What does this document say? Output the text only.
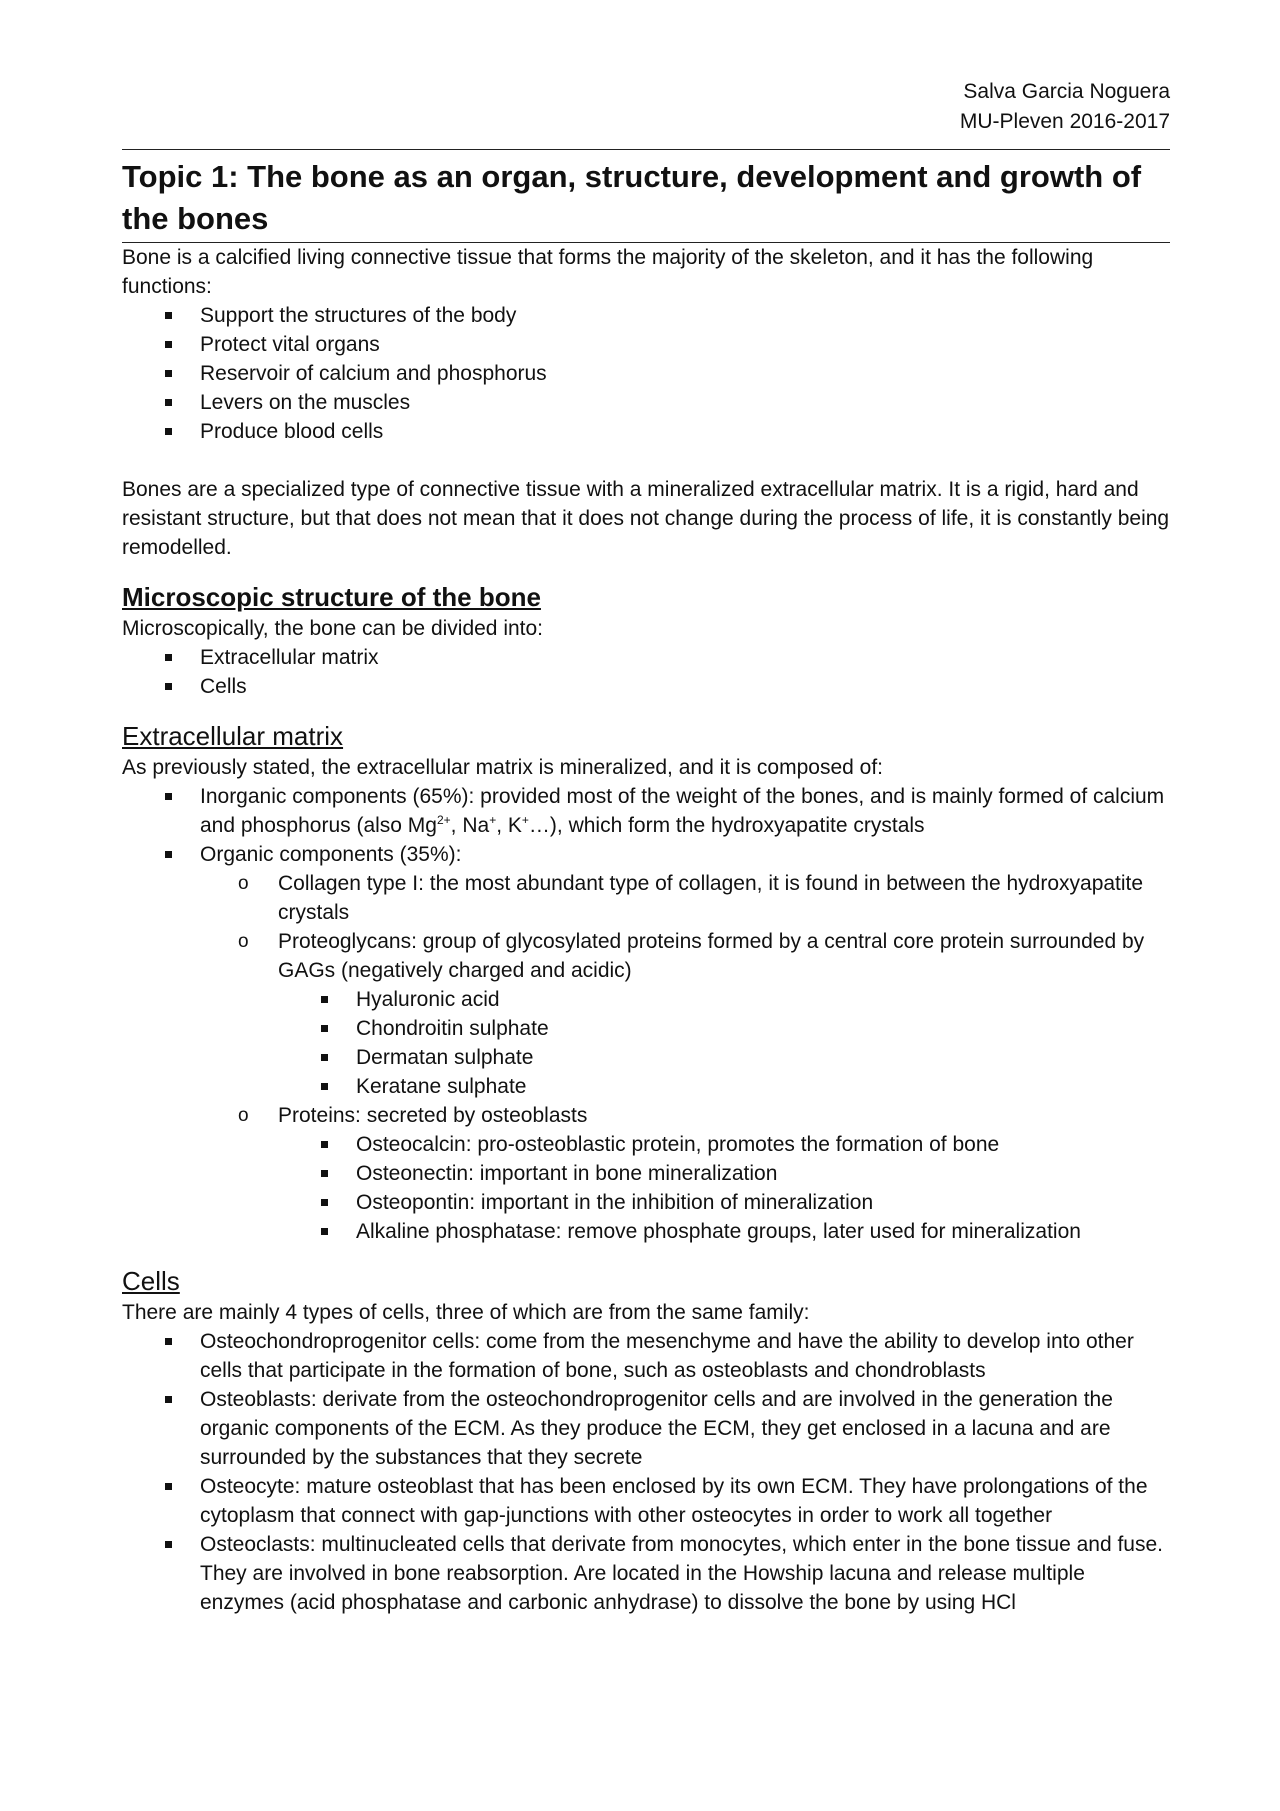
Salva Garcia Noguera
MU-Pleven 2016-2017
Topic 1: The bone as an organ, structure, development and growth of the bones

Bone is a calcified living connective tissue that forms the majority of the skeleton, and it has the following functions:

Support the structures of the body
Protect vital organs
Reservoir of calcium and phosphorus
Levers on the muscles
Produce blood cells

Bones are a specialized type of connective tissue with a mineralized extracellular matrix. It is a rigid, hard and resistant structure, but that does not mean that it does not change during the process of life, it is constantly being remodelled.

Microscopic structure of the bone

Microscopically, the bone can be divided into:

Extracellular matrix
Cells
Extracellular matrix

As previously stated, the extracellular matrix is mineralized, and it is composed of:

Inorganic components (65%): provided most of the weight of the bones, and is mainly formed of calcium and phosphorus (also $Mg^{2+}$, Na+, K+…), which form the hydroxyapatite crystals
Organic components (35%):
o Collagen type I: the most abundant type of collagen, it is found in between the hydroxyapatite crystals
o Proteoglycans: group of glycosylated proteins formed by a central core protein surrounded by GAGs (negatively charged and acidic)
Hyaluronic acid
Chondroitin sulphate
Dermatan sulphate
Keratane sulphate
o Proteins: secreted by osteoblasts
Osteocalcin: pro-osteoblastic protein, promotes the formation of bone
Osteonectin: important in bone mineralization
Osteopontin: important in the inhibition of mineralization
Alkaline phosphatase: remove phosphate groups, later used for mineralization
Cells

There are mainly 4 types of cells, three of which are from the same family:

Osteochondroprogenitor cells: come from the mesenchyme and have the ability to develop into other cells that participate in the formation of bone, such as osteoblasts and chondroblasts
Osteoblasts: derivate from the osteochondroprogenitor cells and are involved in the generation the organic components of the ECM. As they produce the ECM, they get enclosed in a lacuna and are surrounded by the substances that they secrete
Osteocyte: mature osteoblast that has been enclosed by its own ECM. They have prolongations of the cytoplasm that connect with gap-junctions with other osteocytes in order to work all together
Osteoclasts: multinucleated cells that derivate from monocytes, which enter in the bone tissue and fuse. They are involved in bone reabsorption. Are located in the Howship lacuna and release multiple enzymes (acid phosphatase and carbonic anhydrase) to dissolve the bone by using HCl
